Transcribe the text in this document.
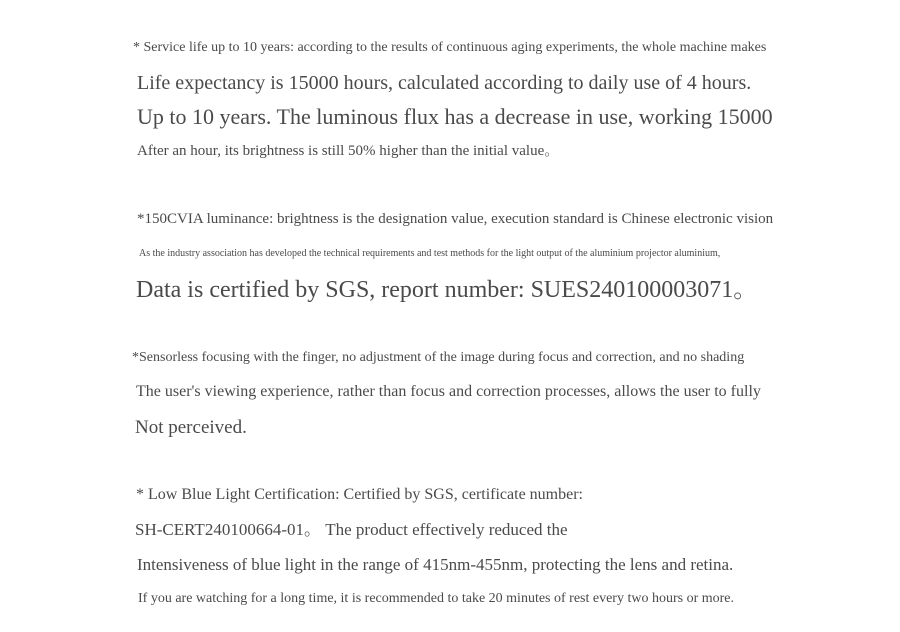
* Service life up to 10 years: according to the results of continuous aging experiments, the whole machine makes
Life expectancy is 15000 hours, calculated according to daily use of 4 hours.
Up to 10 years. The luminous flux has a decrease in use, working 15000
After an hour, its brightness is still 50% higher than the initial value。
*150CVIA luminance: brightness is the designation value, execution standard is Chinese electronic vision
As the industry association has developed the technical requirements and test methods for the light output of the aluminium projector aluminium,
Data is certified by SGS, report number: SUES240100003071。
*Sensorless focusing with the finger, no adjustment of the image during focus and correction, and no shading
The user's viewing experience, rather than focus and correction processes, allows the user to fully
Not perceived.
* Low Blue Light Certification: Certified by SGS, certificate number:
SH-CERT240100664-01。 The product effectively reduced the
Intensiveness of blue light in the range of 415nm-455nm, protecting the lens and retina.
If you are watching for a long time, it is recommended to take 20 minutes of rest every two hours or more.
